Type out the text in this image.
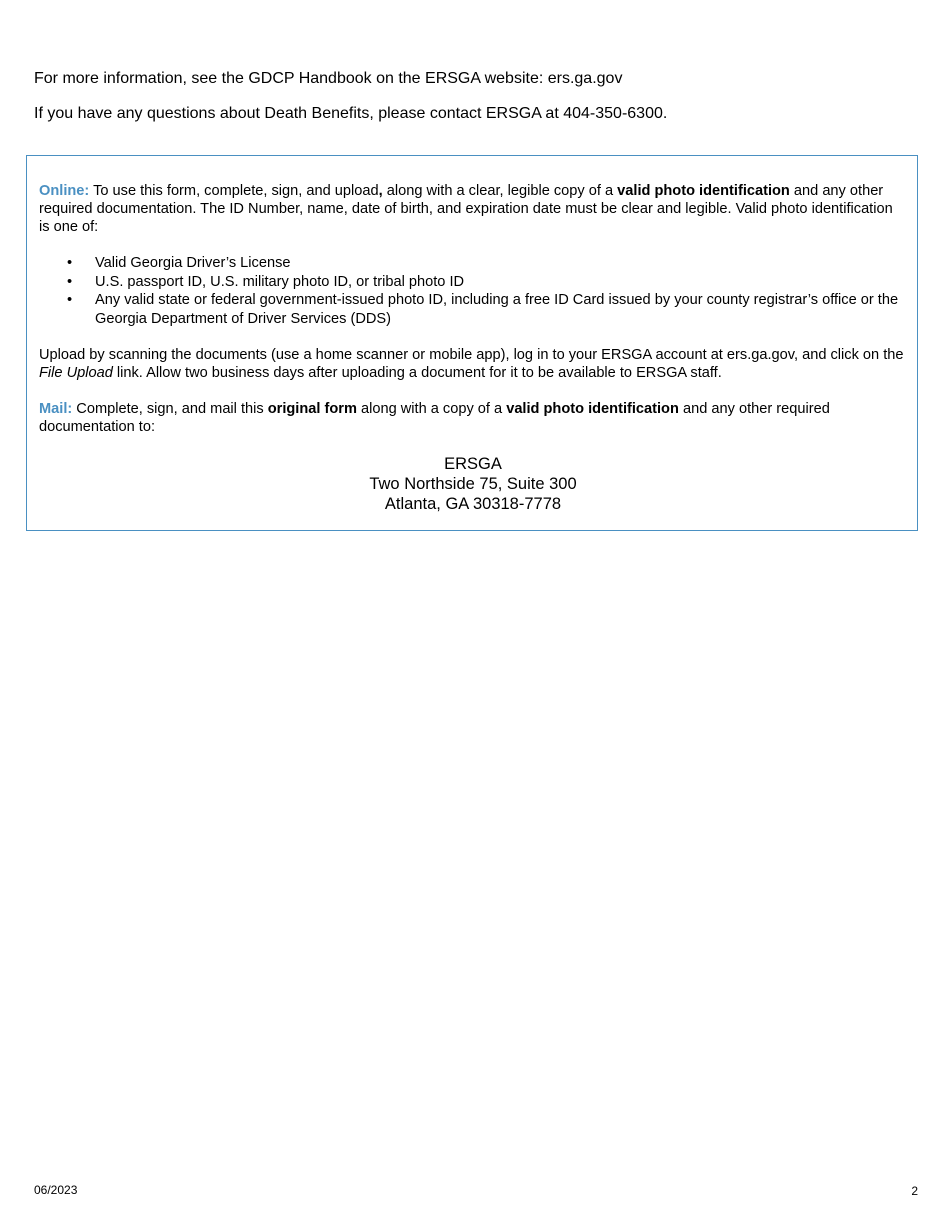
For more information, see the GDCP Handbook on the ERSGA website: ers.ga.gov
If you have any questions about Death Benefits, please contact ERSGA at 404-350-6300.

Online: To use this form, complete, sign, and upload, along with a clear, legible copy of a valid photo identification and any other required documentation. The ID Number, name, date of birth, and expiration date must be clear and legible. Valid photo identification is one of:

• Valid Georgia Driver’s License
• U.S. passport ID, U.S. military photo ID, or tribal photo ID
• Any valid state or federal government-issued photo ID, including a free ID Card issued by your county registrar’s office or the Georgia Department of Driver Services (DDS)

Upload by scanning the documents (use a home scanner or mobile app), log in to your ERSGA account at ers.ga.gov, and click on the File Upload link. Allow two business days after uploading a document for it to be available to ERSGA staff.

Mail: Complete, sign, and mail this original form along with a copy of a valid photo identification and any other required documentation to:

ERSGA
Two Northside 75, Suite 300
Atlanta, GA 30318-7778
06/2023	2
